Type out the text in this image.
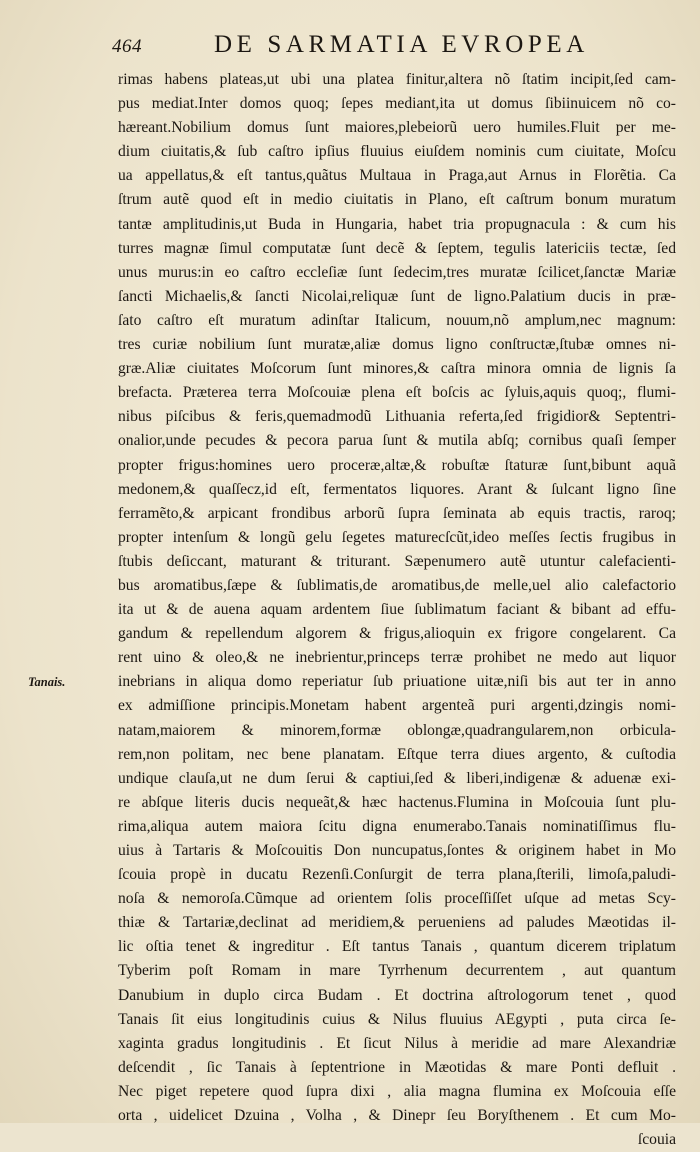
464	DE SARMATIA EVROPEA
Tanais.
rimas habens plateas,ut ubi una platea finitur,altera nõ ſtatim incipit,ſed cam-
pus mediat.Inter domos quoq; ſepes mediant,ita ut domus ſibiinuicem nõ co-
hæreant.Nobilium domus ſunt maiores,plebeiorũ uero humiles.Fluit per me-
dium ciuitatis,& ſub caſtro ipſius fluuius eiuſdem nominis cum ciuitate, Moſcu
ua appellatus,& eſt tantus,quãtus Multaua in Praga,aut Arnus in Florẽtia. Ca
ſtrum autẽ quod eſt in medio ciuitatis in Plano, eſt caſtrum bonum muratum
tantæ amplitudinis,ut Buda in Hungaria, habet tria propugnacula : & cum his
turres magnæ ſimul computatæ ſunt decẽ & ſeptem, tegulis latericiis tectæ, ſed
unus murus:in eo caſtro eccleſiæ ſunt ſedecim,tres muratæ ſcilicet,ſanctæ Mariæ
ſancti Michaelis,& ſancti Nicolai,reliquæ ſunt de ligno.Palatium ducis in præ-
ſato caſtro eſt muratum adinſtar Italicum, nouum,nõ amplum,nec magnum:
tres curiæ nobilium ſunt muratæ,aliæ domus ligno conſtructæ,ſtubæ omnes ni-
græ.Aliæ ciuitates Moſcorum ſunt minores,& caſtra minora omnia de lignis ſa
brefacta. Præterea terra Moſcouiæ plena eſt boſcis ac ſyluis,aquis quoq;, flumi-
nibus piſcibus & feris,quemadmodũ Lithuania referta,ſed frigidior& Septentri-
onalior,unde pecudes & pecora parua ſunt & mutila abſq; cornibus quaſi ſemper
propter frigus:homines uero proceræ,altæ,& robuſtæ ſtaturæ ſunt,bibunt aquã
medonem,& quaſſecz,id eſt, fermentatos liquores. Arant & ſulcant ligno ſine
ferramẽto,& arpicant frondibus arborũ ſupra ſeminata ab equis tractis, raroq;
propter intenſum & longũ gelu ſegetes maturecſcũt,ideo meſſes ſectis frugibus in
ſtubis deſiccant, maturant & triturant. Sæpenumero autẽ utuntur calefacienti-
bus aromatibus,ſæpe & ſublimatis,de aromatibus,de melle,uel alio calefactorio
ita ut & de auena aquam ardentem ſiue ſublimatum faciant & bibant ad effu-
gandum & repellendum algorem & frigus,alioquin ex frigore congelarent. Ca
rent uino & oleo,& ne inebrientur,princeps terræ prohibet ne medo aut liquor
inebrians in aliqua domo reperiatur ſub priuatione uitæ,niſi bis aut ter in anno
ex admiſſione principis.Monetam habent argenteã puri argenti,dzingis nomi-
natam,maiorem & minorem,formæ oblongæ,quadrangularem,non orbicula-
rem,non politam, nec bene planatam. Eſtque terra diues argento, & cuſtodia
undique clauſa,ut ne dum ſerui & captiui,ſed & liberi,indigenæ & aduenæ exi-
re abſque literis ducis nequeãt,& hæc hactenus.Flumina in Moſcouia ſunt plu-
rima,aliqua autem maiora ſcitu digna enumerabo.Tanais nominatiſſimus flu-
uius à Tartaris & Moſcouitis Don nuncupatus,ſontes & originem habet in Mo
ſcouia propè in ducatu Rezenſi.Conſurgit de terra plana,ſterili, limoſa,paludi-
noſa & nemoroſa.Cũmque ad orientem ſolis proceſſiſſet uſque ad metas Scy-
thiæ & Tartariæ,declinat ad meridiem,& perueniens ad paludes Mæotidas il-
lic oſtia tenet & ingreditur . Eſt tantus Tanais , quantum dicerem triplatum
Tyberim poſt Romam in mare Tyrrhenum decurrentem , aut quantum
Danubium in duplo circa Budam . Et doctrina aſtrologorum tenet , quod
Tanais ſit eius longitudinis cuius & Nilus fluuius AEgypti , puta circa ſe-
xaginta gradus longitudinis . Et ſicut Nilus à meridie ad mare Alexandriæ
deſcendit , ſic Tanais à ſeptentrione in Mæotidas & mare Ponti defluit .
Nec piget repetere quod ſupra dixi , alia magna flumina ex Moſcouia eſſe
orta , uidelicet Dzuina , Volha , & Dinepr ſeu Boryſthenem . Et cum Mo-
ſcouia
